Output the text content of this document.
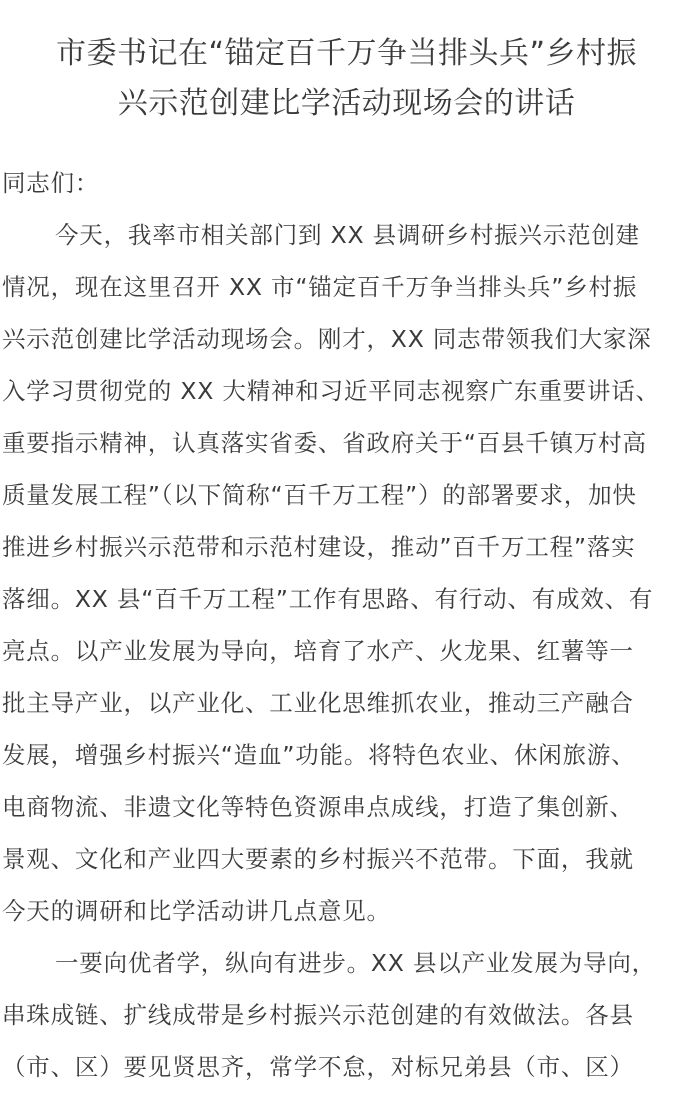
市委书记在“锚定百千万争当排头兵”乡村振
兴示范创建比学活动现场会的讲话
同志们：
今天，我率市相关部门到 XX 县调研乡村振兴示范创建
情况，现在这里召开 XX 市“锚定百千万争当排头兵”乡村振
兴示范创建比学活动现场会。刚才，XX 同志带领我们大家深
入学习贯彻党的 XX 大精神和习近平同志视察广东重要讲话、
重要指示精神，认真落实省委、省政府关于“百县千镇万村高
质量发展工程”（以下简称“百千万工程”）的部署要求，加快
推进乡村振兴示范带和示范村建设，推动”百千万工程”落实
落细。XX 县“百千万工程”工作有思路、有行动、有成效、有
亮点。以产业发展为导向，培育了水产、火龙果、红薯等一
批主导产业，以产业化、工业化思维抓农业，推动三产融合
发展，增强乡村振兴“造血”功能。将特色农业、休闲旅游、
电商物流、非遗文化等特色资源串点成线，打造了集创新、
景观、文化和产业四大要素的乡村振兴不范带。下面，我就
今天的调研和比学活动讲几点意见。
一要向优者学，纵向有进步。XX 县以产业发展为导向，
串珠成链、扩线成带是乡村振兴示范创建的有效做法。各县
（市、区）要见贤思齐，常学不怠，对标兄弟县（市、区）
